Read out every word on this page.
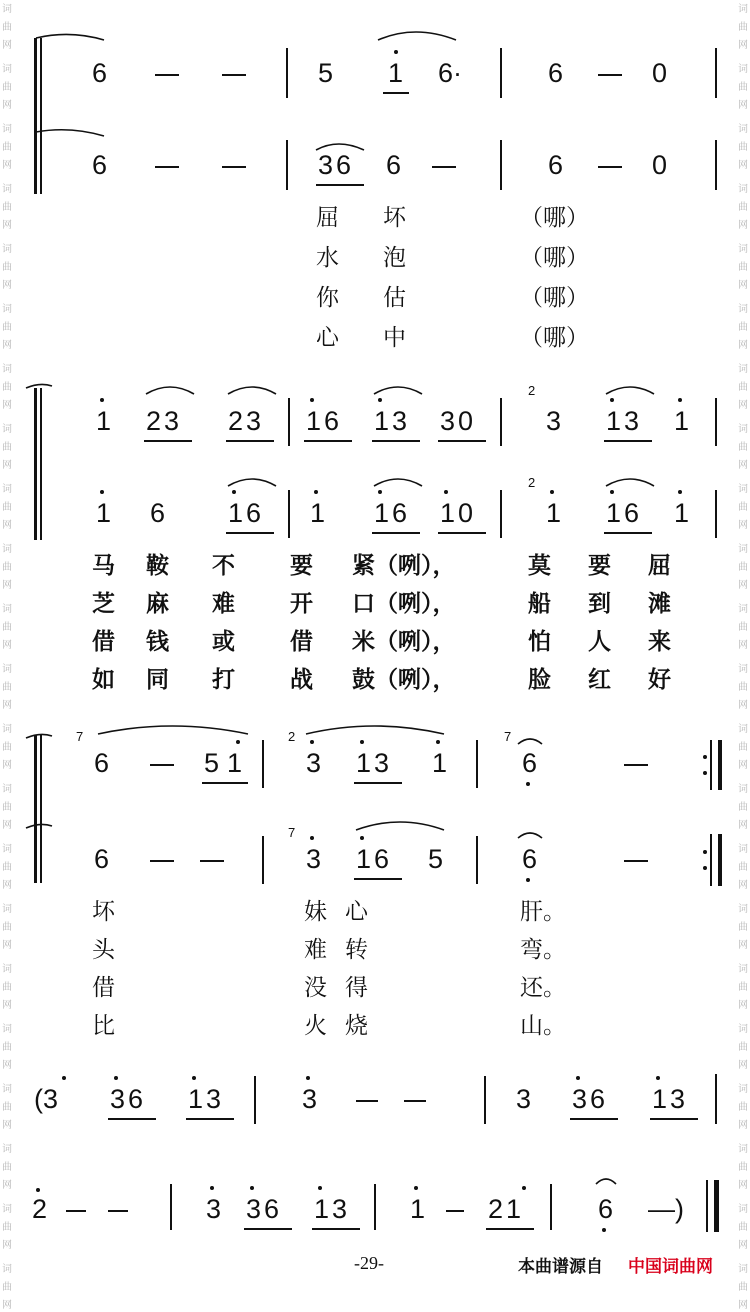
词
曲
网
词
曲
网
词
曲
网
词
曲
网
词
曲
网
词
曲
网
词
曲
网
词
曲
网
词
曲
网
词
曲
网
词
曲
网
词
曲
网
词
曲
网
词
曲
网
词
曲
网
词
曲
网
词
曲
网
词
曲
网
词
曲
网
词
曲
网
词
曲
网
词
曲
网
词
曲
网
词
曲
网
词
曲
网
词
曲
网
词
曲
网
词
曲
网
词
曲
网
词
曲
网
词
曲
网
词
曲
网
词
曲
网
词
曲
网
词
曲
网
词
曲
网
词
曲
网
词
曲
网
词
曲
网
词
曲
网
词
曲
网
词
曲
网
词
曲
网
词
曲
网
6	5 1 6·	6	0
6	36 6	6	0
屈 坏	（哪）
水 泡	（哪）
你 估	（哪）
心 中	（哪）
1 23 23 16 13 30
2
3 13 1
1 6 16 1 16 10
2
1 16 1
马 鞍 不 要 紧（咧），	莫 要 屈
芝 麻 难 开 口（咧），	船 到 滩
借 钱 或 借 米（咧），	怕 人 来
如 同 打 战 鼓（咧），	脸 红 好
7
6	51
2
3 13 1
7
6
6
7
3 16 5	6
坏	妹心	肝。
头	难转	弯。
借	没得	还。
比	火烧	山。
(3 36 13	3	3 36 13
2	3 36 13 1 21	6 —)
-29-	本曲谱源自 中国词曲网
